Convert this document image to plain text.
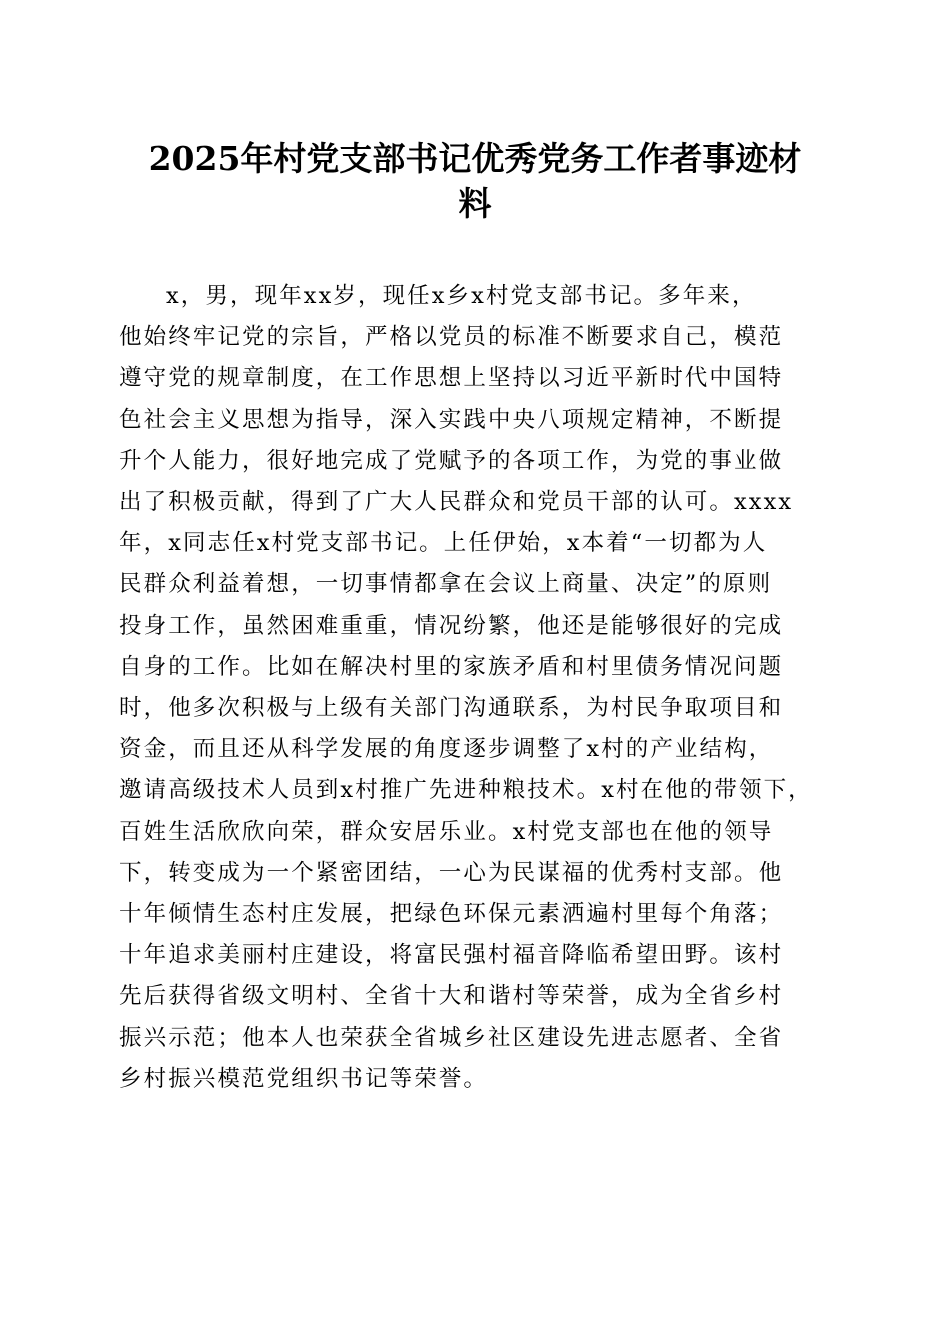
2025年村党支部书记优秀党务工作者事迹材
料
x，男，现年xx岁，现任x乡x村党支部书记。多年来，
他始终牢记党的宗旨，严格以党员的标准不断要求自己，模范
遵守党的规章制度，在工作思想上坚持以习近平新时代中国特
色社会主义思想为指导，深入实践中央八项规定精神，不断提
升个人能力，很好地完成了党赋予的各项工作，为党的事业做
出了积极贡献，得到了广大人民群众和党员干部的认可。xxxx
年，x同志任x村党支部书记。上任伊始，x本着“一切都为人
民群众利益着想，一切事情都拿在会议上商量、决定”的原则
投身工作，虽然困难重重，情况纷繁，他还是能够很好的完成
自身的工作。比如在解决村里的家族矛盾和村里债务情况问题
时，他多次积极与上级有关部门沟通联系，为村民争取项目和
资金，而且还从科学发展的角度逐步调整了x村的产业结构，
邀请高级技术人员到x村推广先进种粮技术。x村在他的带领下，
百姓生活欣欣向荣，群众安居乐业。x村党支部也在他的领导
下，转变成为一个紧密团结，一心为民谋福的优秀村支部。他
十年倾情生态村庄发展，把绿色环保元素洒遍村里每个角落；
十年追求美丽村庄建设，将富民强村福音降临希望田野。该村
先后获得省级文明村、全省十大和谐村等荣誉，成为全省乡村
振兴示范；他本人也荣获全省城乡社区建设先进志愿者、全省
乡村振兴模范党组织书记等荣誉。
